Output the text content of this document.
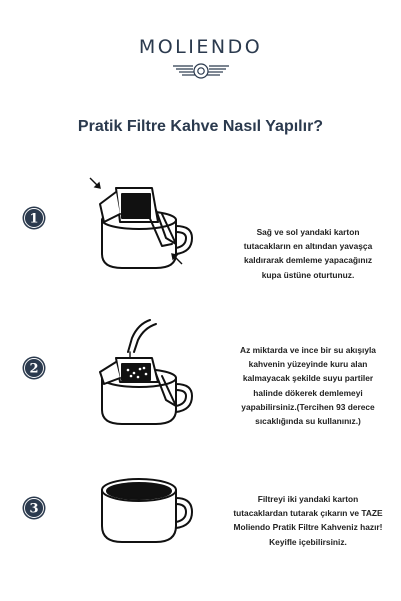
MOLIENDO
Pratik Filtre Kahve Nasıl Yapılır?
1
Sağ ve sol yandaki karton
tutacakların en altından yavaşça
kaldırarak demleme yapacağınız
kupa üstüne oturtunuz.
2
Az miktarda ve ince bir su akışıyla
kahvenin yüzeyinde kuru alan
kalmayacak şekilde suyu partiler
halinde dökerek demlemeyi
yapabilirsiniz.(Tercihen 93 derece
sıcaklığında su kullanınız.)
3
Filtreyi iki yandaki karton
tutacaklardan tutarak çıkarın ve TAZE
Moliendo Pratik Filtre Kahveniz hazır!
Keyifle içebilirsiniz.
